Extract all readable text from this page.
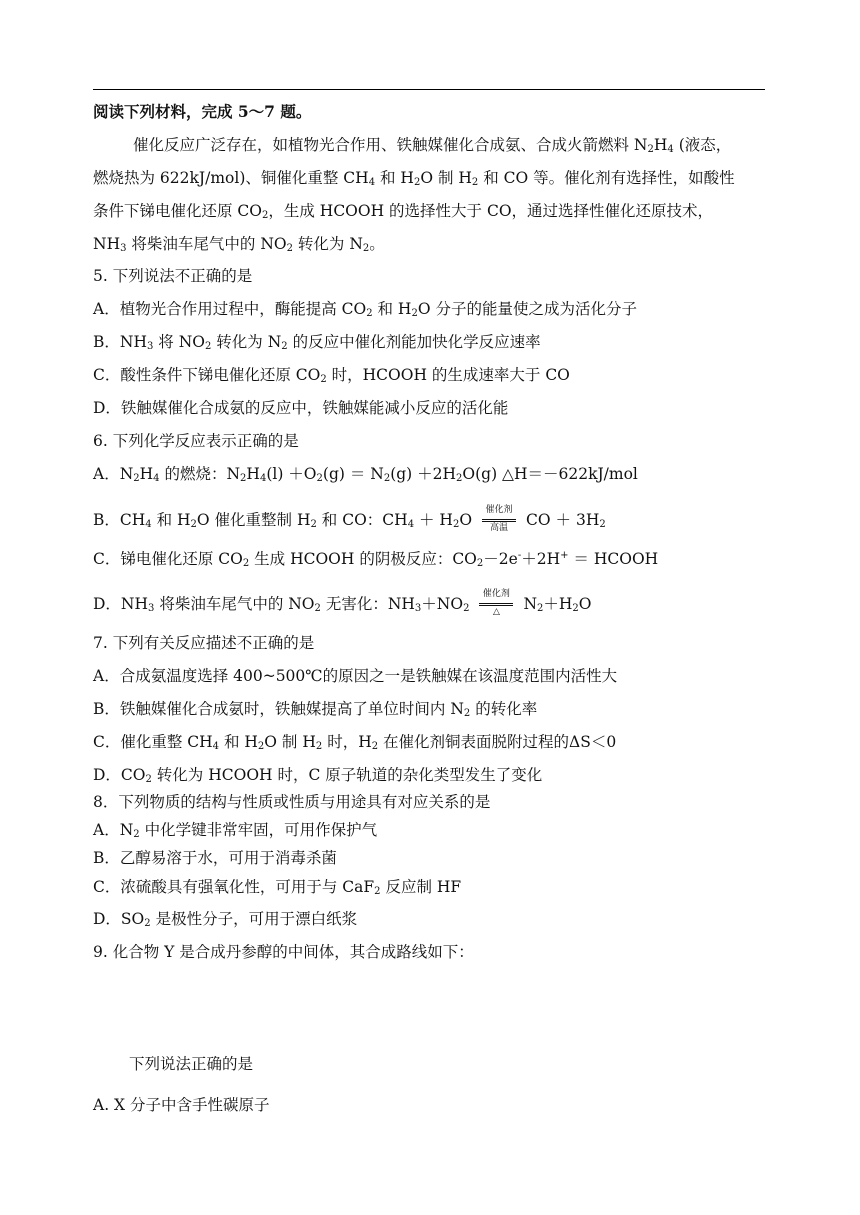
阅读下列材料，完成 5～7 题。
催化反应广泛存在，如植物光合作用、铁触媒催化合成氨、合成火箭燃料 $N_2H_4$ (液态，
燃烧热为 622kJ/mol)、铜催化重整 $CH_4$ 和 $H_2O$ 制 $H_2$ 和 CO 等。催化剂有选择性，如酸性
条件下锑电催化还原 $CO_2$，生成 HCOOH 的选择性大于 CO，通过选择性催化还原技术，
$NH_3$ 将柴油车尾气中的 $NO_2$ 转化为 $N_2$。
5. 下列说法不正确的是
A．植物光合作用过程中，酶能提高 $CO_2$ 和 $H_2O$ 分子的能量使之成为活化分子
B．$NH_3$ 将 $NO_2$ 转化为 $N_2$ 的反应中催化剂能加快化学反应速率
C．酸性条件下锑电催化还原 $CO_2$ 时，HCOOH 的生成速率大于 CO
D．铁触媒催化合成氨的反应中，铁触媒能减小反应的活化能
6. 下列化学反应表示正确的是
A．$N_2H_4$ 的燃烧：$N_2H_4(l) +O_2(g) = N_2(g) +2H_2O(g)$ △H＝－622kJ/mol
B．$CH_4$ 和 $H_2O$ 催化重整制 $H_2$ 和 CO：$CH_4 + H_2O$
催化剂
高温	CO ＋ $3H_2$
C．锑电催化还原 $CO_2$ 生成 HCOOH 的阴极反应：$CO_2-2e^-+2H^+$ ＝ HCOOH
D．$NH_3$ 将柴油车尾气中的 $NO_2$ 无害化：$NH_3+NO_2$
催化剂
△	$N_2+H_2O$
7. 下列有关反应描述不正确的是
A．合成氨温度选择 400~500℃的原因之一是铁触媒在该温度范围内活性大
B．铁触媒催化合成氨时，铁触媒提高了单位时间内 $N_2$ 的转化率
C．催化重整 $CH_4$ 和 $H_2O$ 制 $H_2$ 时，$H_2$ 在催化剂铜表面脱附过程的ΔS＜0
D．$CO_2$ 转化为 HCOOH 时，C 原子轨道的杂化类型发生了变化
8．下列物质的结构与性质或性质与用途具有对应关系的是
A．$N_2$ 中化学键非常牢固，可用作保护气
B．乙醇易溶于水，可用于消毒杀菌
C．浓硫酸具有强氧化性，可用于与 CaF$_2$ 反应制 HF
D．$SO_2$ 是极性分子，可用于漂白纸浆
9. 化合物 Y 是合成丹参醇的中间体，其合成路线如下：
下列说法正确的是
A. X 分子中含手性碳原子
